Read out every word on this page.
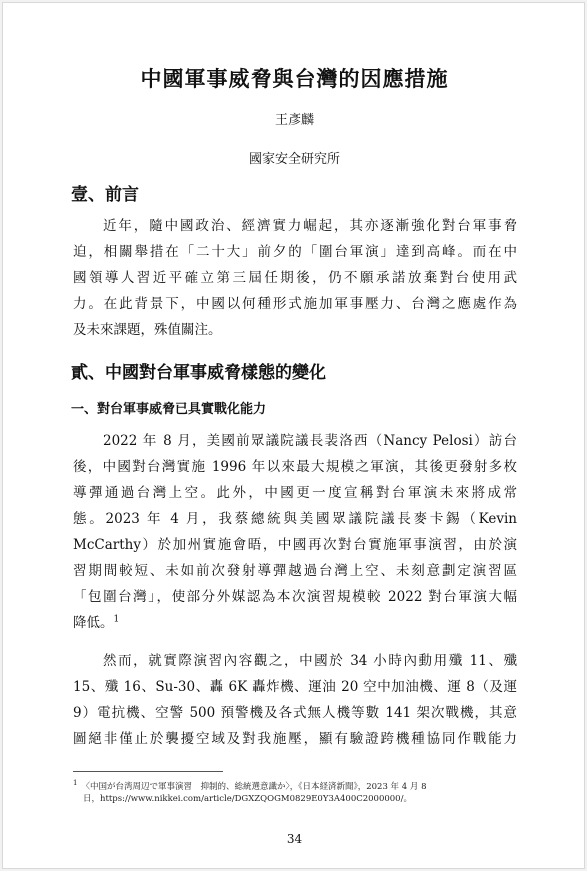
中國軍事威脅與台灣的因應措施
王彥麟
國家安全研究所
壹、前言
近年，隨中國政治、經濟實力崛起，其亦逐漸強化對台軍事脅
迫，相關舉措在「二十大」前夕的「圍台軍演」達到高峰。而在中
國領導人習近平確立第三屆任期後，仍不願承諾放棄對台使用武
力。在此背景下，中國以何種形式施加軍事壓力、台灣之應處作為
及未來課題，殊值關注。
貳、中國對台軍事威脅樣態的變化
一、對台軍事威脅已具實戰化能力
2022 年 8 月，美國前眾議院議長裴洛西（Nancy Pelosi）訪台
後，中國對台灣實施 1996 年以來最大規模之軍演，其後更發射多枚
導彈通過台灣上空。此外，中國更一度宣稱對台軍演未來將成常
態。2023 年 4 月，我蔡總統與美國眾議院議長麥卡錫（Kevin
McCarthy）於加州實施會晤，中國再次對台實施軍事演習，由於演
習期間較短、未如前次發射導彈越過台灣上空、未刻意劃定演習區
「包圍台灣」，使部分外媒認為本次演習規模較 2022 對台軍演大幅
降低。$^1$
然而，就實際演習內容觀之，中國於 34 小時內動用殲 11、殲
15、殲 16、Su-30、轟 6K 轟炸機、運油 20 空中加油機、運 8（及運
9）電抗機、空警 500 預警機及各式無人機等數 141 架次戰機，其意
圖絕非僅止於襲擾空域及對我施壓，顯有驗證跨機種協同作戰能力
$^1$ 〈中国が台湾周辺で軍事演習　抑制的、総統選意識か〉，《日本経済新聞》，2023 年 4 月 8
日，https://www.nikkei.com/article/DGXZQOGM0829E0Y3A400C2000000/。
34
